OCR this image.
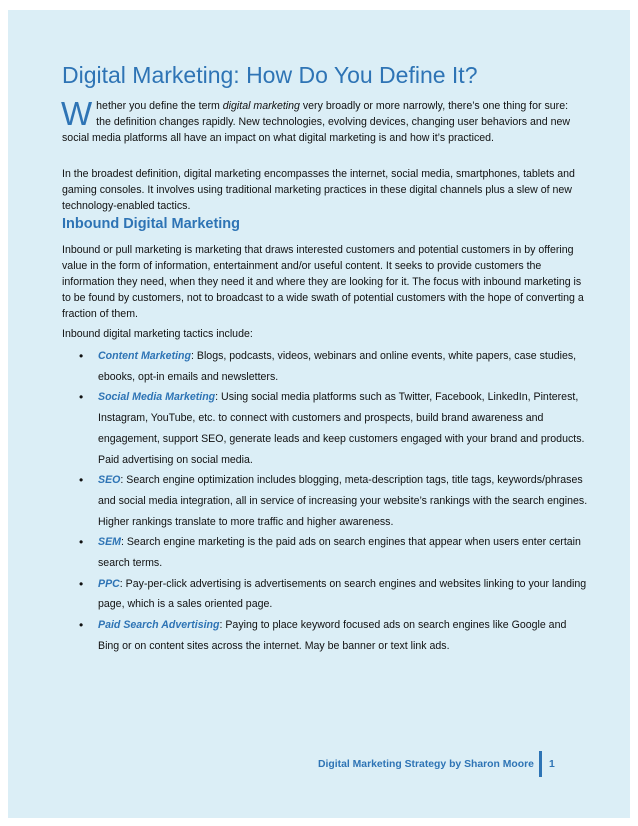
Digital Marketing: How Do You Define It?

Whether you define the term digital marketing very broadly or more narrowly, there’s one thing for sure: the definition changes rapidly. New technologies, evolving devices, changing user behaviors and new social media platforms all have an impact on what digital marketing is and how it’s practiced.

In the broadest definition, digital marketing encompasses the internet, social media, smartphones, tablets and gaming consoles. It involves using traditional marketing practices in these digital channels plus a slew of new technology-enabled tactics.

Inbound Digital Marketing

Inbound or pull marketing is marketing that draws interested customers and potential customers in by offering value in the form of information, entertainment and/or useful content. It seeks to provide customers the information they need, when they need it and where they are looking for it. The focus with inbound marketing is to be found by customers, not to broadcast to a wide swath of potential customers with the hope of converting a fraction of them.

Inbound digital marketing tactics include:

• Content Marketing: Blogs, podcasts, videos, webinars and online events, white papers, case studies, ebooks, opt-in emails and newsletters.
• Social Media Marketing: Using social media platforms such as Twitter, Facebook, LinkedIn, Pinterest, Instagram, YouTube, etc. to connect with customers and prospects, build brand awareness and engagement, support SEO, generate leads and keep customers engaged with your brand and products. Paid advertising on social media.
• SEO: Search engine optimization includes blogging, meta-description tags, title tags, keywords/phrases and social media integration, all in service of increasing your website’s rankings with the search engines. Higher rankings translate to more traffic and higher awareness.
• SEM: Search engine marketing is the paid ads on search engines that appear when users enter certain search terms.
• PPC: Pay-per-click advertising is advertisements on search engines and websites linking to your landing page, which is a sales oriented page.
• Paid Search Advertising: Paying to place keyword focused ads on search engines like Google and Bing or on content sites across the internet. May be banner or text link ads.
Digital Marketing Strategy by Sharon Moore 1
